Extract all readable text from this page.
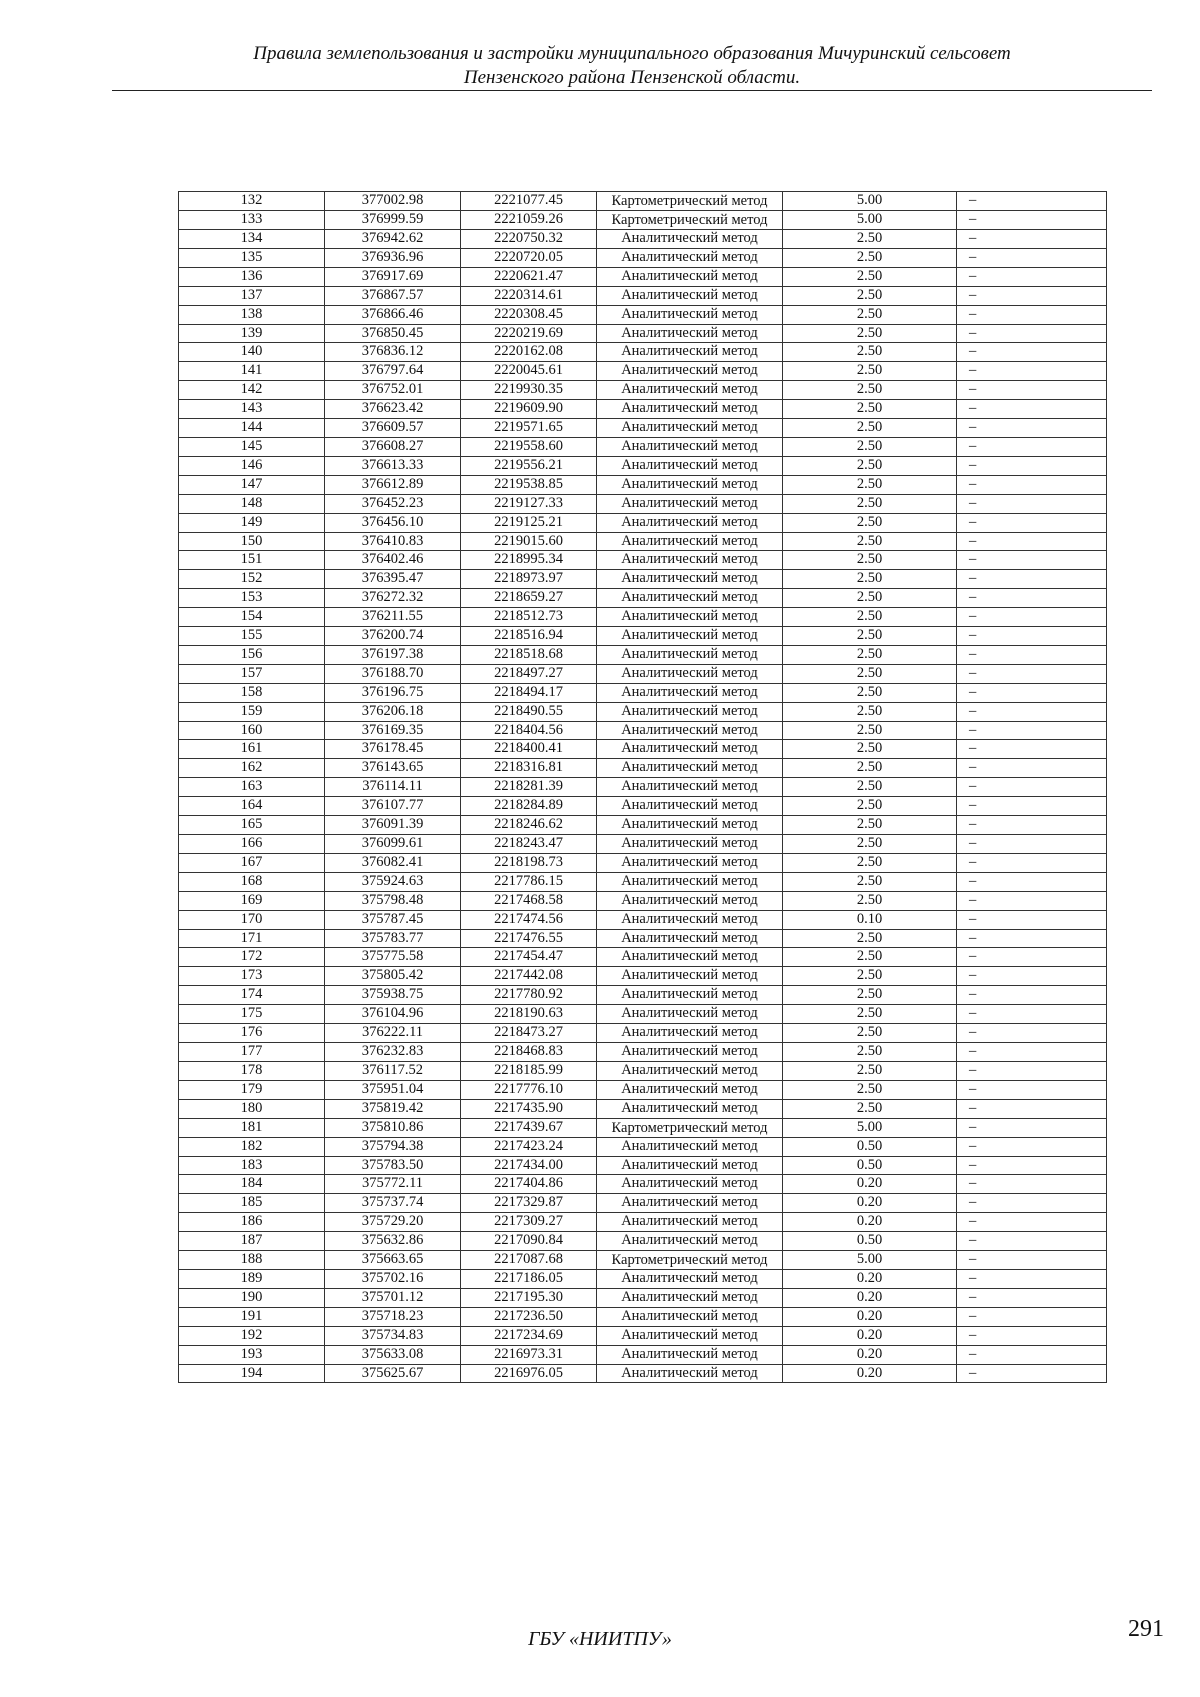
Правила землепользования и застройки муниципального образования Мичуринский сельсовет
Пензенского района Пензенской области.
132	377002.98	2221077.45	Картометрический метод	5.00	–
133	376999.59	2221059.26	Картометрический метод	5.00	–
134	376942.62	2220750.32	Аналитический метод	2.50	–
135	376936.96	2220720.05	Аналитический метод	2.50	–
136	376917.69	2220621.47	Аналитический метод	2.50	–
137	376867.57	2220314.61	Аналитический метод	2.50	–
138	376866.46	2220308.45	Аналитический метод	2.50	–
139	376850.45	2220219.69	Аналитический метод	2.50	–
140	376836.12	2220162.08	Аналитический метод	2.50	–
141	376797.64	2220045.61	Аналитический метод	2.50	–
142	376752.01	2219930.35	Аналитический метод	2.50	–
143	376623.42	2219609.90	Аналитический метод	2.50	–
144	376609.57	2219571.65	Аналитический метод	2.50	–
145	376608.27	2219558.60	Аналитический метод	2.50	–
146	376613.33	2219556.21	Аналитический метод	2.50	–
147	376612.89	2219538.85	Аналитический метод	2.50	–
148	376452.23	2219127.33	Аналитический метод	2.50	–
149	376456.10	2219125.21	Аналитический метод	2.50	–
150	376410.83	2219015.60	Аналитический метод	2.50	–
151	376402.46	2218995.34	Аналитический метод	2.50	–
152	376395.47	2218973.97	Аналитический метод	2.50	–
153	376272.32	2218659.27	Аналитический метод	2.50	–
154	376211.55	2218512.73	Аналитический метод	2.50	–
155	376200.74	2218516.94	Аналитический метод	2.50	–
156	376197.38	2218518.68	Аналитический метод	2.50	–
157	376188.70	2218497.27	Аналитический метод	2.50	–
158	376196.75	2218494.17	Аналитический метод	2.50	–
159	376206.18	2218490.55	Аналитический метод	2.50	–
160	376169.35	2218404.56	Аналитический метод	2.50	–
161	376178.45	2218400.41	Аналитический метод	2.50	–
162	376143.65	2218316.81	Аналитический метод	2.50	–
163	376114.11	2218281.39	Аналитический метод	2.50	–
164	376107.77	2218284.89	Аналитический метод	2.50	–
165	376091.39	2218246.62	Аналитический метод	2.50	–
166	376099.61	2218243.47	Аналитический метод	2.50	–
167	376082.41	2218198.73	Аналитический метод	2.50	–
168	375924.63	2217786.15	Аналитический метод	2.50	–
169	375798.48	2217468.58	Аналитический метод	2.50	–
170	375787.45	2217474.56	Аналитический метод	0.10	–
171	375783.77	2217476.55	Аналитический метод	2.50	–
172	375775.58	2217454.47	Аналитический метод	2.50	–
173	375805.42	2217442.08	Аналитический метод	2.50	–
174	375938.75	2217780.92	Аналитический метод	2.50	–
175	376104.96	2218190.63	Аналитический метод	2.50	–
176	376222.11	2218473.27	Аналитический метод	2.50	–
177	376232.83	2218468.83	Аналитический метод	2.50	–
178	376117.52	2218185.99	Аналитический метод	2.50	–
179	375951.04	2217776.10	Аналитический метод	2.50	–
180	375819.42	2217435.90	Аналитический метод	2.50	–
181	375810.86	2217439.67	Картометрический метод	5.00	–
182	375794.38	2217423.24	Аналитический метод	0.50	–
183	375783.50	2217434.00	Аналитический метод	0.50	–
184	375772.11	2217404.86	Аналитический метод	0.20	–
185	375737.74	2217329.87	Аналитический метод	0.20	–
186	375729.20	2217309.27	Аналитический метод	0.20	–
187	375632.86	2217090.84	Аналитический метод	0.50	–
188	375663.65	2217087.68	Картометрический метод	5.00	–
189	375702.16	2217186.05	Аналитический метод	0.20	–
190	375701.12	2217195.30	Аналитический метод	0.20	–
191	375718.23	2217236.50	Аналитический метод	0.20	–
192	375734.83	2217234.69	Аналитический метод	0.20	–
193	375633.08	2216973.31	Аналитический метод	0.20	–
194	375625.67	2216976.05	Аналитический метод	0.20	–
ГБУ «НИИТПУ»	291
